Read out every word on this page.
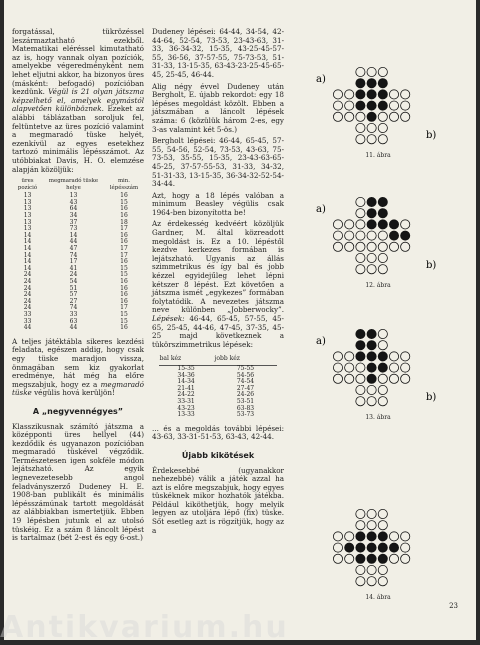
forgatással, tükrözéssel leszármaztatható ezekből. Matematikai eléréssel kimutatható az is, hogy vannak olyan pozíciók, amelyekbe végeredményként nem lehet eljutni akkor, ha bizonyos üres (másként: befogadó) pozícióban kezdünk. Végül is 21 olyan játszma képzelhető el, amelyek egymástól alapvetően különböznek. Ezeket az alábbi táblázatban soroljuk fel, feltüntetve az üres pozíció valamint a megmaradó tüske helyét, ezenkívül az egyes esetekhez tartozó minimális lépésszámot. Az utóbbiakat Davis, H. O. elemzése alapján közöljük:

üres pozíció	megmaradó tüske helye	min. lépésszám
13	13	16
13	43	15
13	64	16
13	34	16
13	37	18
13	73	17
14	14	16
14	44	16
14	47	17
14	74	17
14	17	16
14	41	15
24	24	15
24	54	16
24	51	16
24	57	16
24	27	16
24	74	17
33	33	15
33	63	15
44	44	16

A teljes játéktábla sikeres kezdési feladata, egészen addig, hogy csak egy tüske maradjon vissza, önmagában sem kiz gyakorlat eredménye, hát még ha előre megszabjuk, hogy ez a megmaradó tüske végülis hová kerüljön!

A „negyvennégyes”

Klasszikusnak számító játszma a középponti üres hellyel (44) kezdődik és ugyanazon pozícióban megmaradó tüskével végződik. Természetesen igen sokféle módon lejátszható. Az egyik legnevezetesebb angol feladványszerző Dudeney H. E. 1908-ban publikált és minimális lépésszámúnak tartott megoldását az alábbiakban ismertetjük. Ebben 19 lépésben jutunk el az utolsó tüskéig. Ez a szám 8 láncolt lépést is tartalmaz (bét 2-est és egy 6-ost.)

Dudeney lépései: 64-44, 34-54, 42-44-64, 52-54, 73-53, 23-43-63, 31-33, 36-34-32, 15-35, 43-25-45-57-55, 36-56, 37-57-55, 75-73-53, 51-31-33, 13-15-35, 63-43-23-25-45-65-45, 25-45, 46-44.

Alig négy évvel Dudeney után Bergholt, E. újabb rekordot: egy 18 lépéses megoldást közölt. Ebben a játszmában a láncolt lépések száma: 6 (közülük három 2-es, egy 3-as valamint két 5-ös.)

Bergholt lépései: 46-44, 65-45, 57-55, 54-56, 52-54, 73-53, 43-63, 75-73-53, 35-55, 15-35, 23-43-63-65-45-25, 37-57-55-53, 31-33, 34-32, 51-31-33, 13-15-35, 36-34-32-52-54-34-44.

Azt, hogy a 18 lépés valóban a minimum Beasley végülis csak 1964-ben bizonyította be!

Az érdekesség kedvéért közöljük Gardner, M. által közreadott megoldást is. Ez a 10. lépéstől kezdve kerkezes formában is lejátszható. Ugyanis az állás szimmetrikus és így bal és jobb kézzel egyidejűleg lehet lépni kétszer 8 lépést. Ezt követően a játszma ismét „egykezes” formában folytatódik. A nevezetes játszma neve különben „Jobberwocky”. Lépések: 46-44, 65-45, 57-55, 45-65, 25-45, 44-46, 47-45, 37-35, 45-25 majd következnek a tükörszimmetrikus lépések:

bal kéz	jobb kéz
15-35	75-55
34-36	54-56
14-34	74-54
21-41	27-47
24-22	24-26
33-31	53-51
43-23	63-83
13-33	53-73

... és a megoldás további lépései: 43-63, 33-31-51-53, 63-43, 42-44.

Újabb kikötések

Érdekesebbé (ugyanakkor nehezebbé) válik a játék azzal ha azt is előre megszabjuk, hogy egyes tüskéknek mikor hozhatók játékba. Például kiköthetjük, hogy melyik legyen az utoljára lépő (fix) tüske. Sőt esetleg azt is rögzítjük, hogy az a

a)
b)
11. ábra
a)
b)
12. ábra
a)
b)
13. ábra
14. ábra
23
Antikvarium.hu
